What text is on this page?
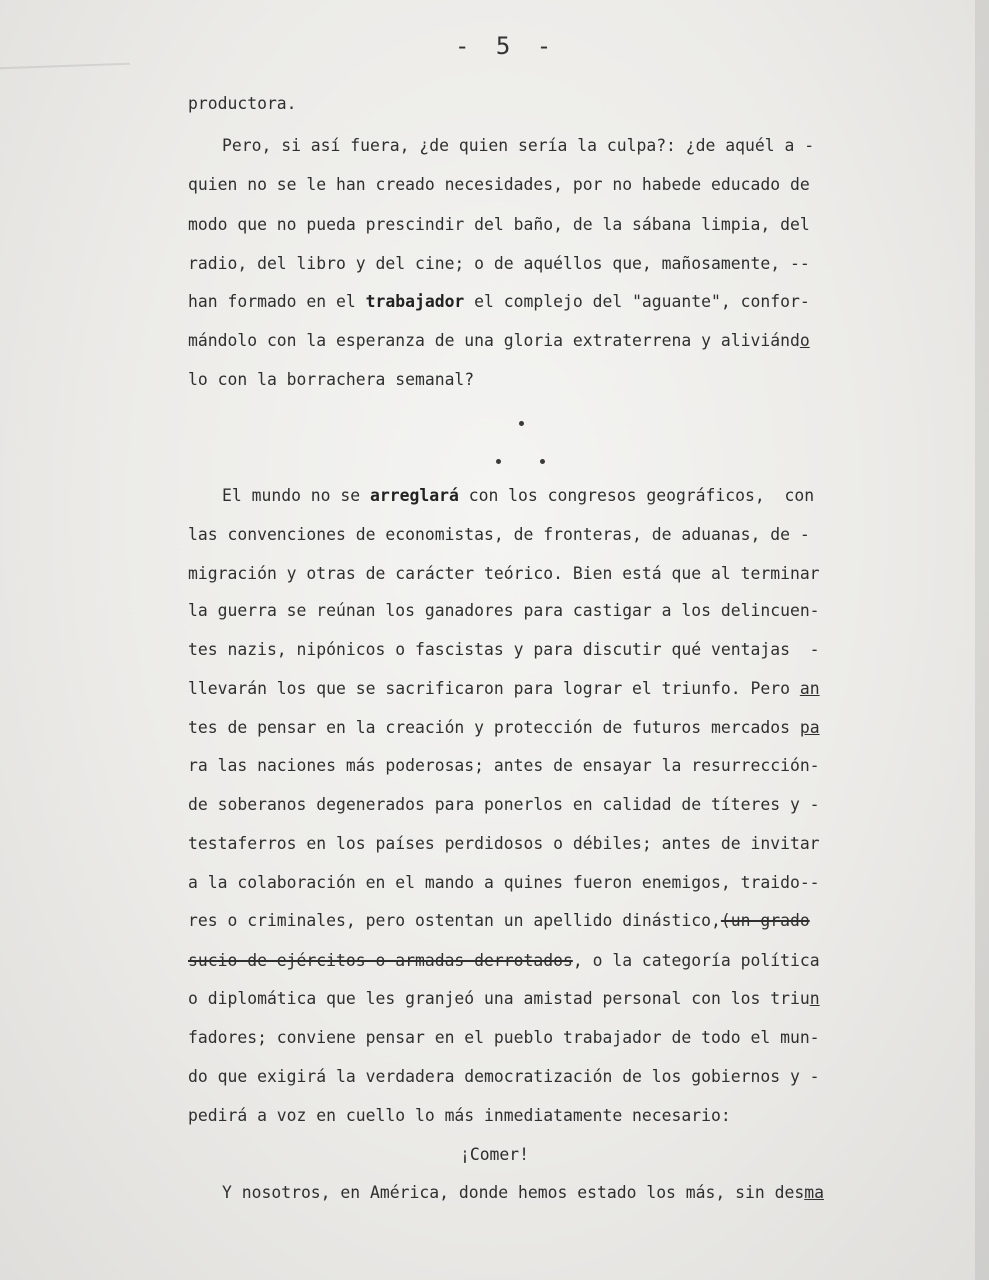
- 5 -

productora.

Pero, si así fuera, ¿de quien sería la culpa?: ¿de aquél a -

quien no se le han creado necesidades, por no habede educado de

modo que no pueda prescindir del baño, de la sábana limpia, del

radio, del libro y del cine; o de aquéllos que, mañosamente, --

han formado en el trabajador el complejo del "aguante", confor-

mándolo con la esperanza de una gloria extraterrena y aliviándo

lo con la borrachera semanal?

El mundo no se arreglará con los congresos geográficos,  con

las convenciones de economistas, de fronteras, de aduanas, de -

migración y otras de carácter teórico. Bien está que al terminar

la guerra se reúnan los ganadores para castigar a los delincuen-

tes nazis, nipónicos o fascistas y para discutir qué ventajas  -

llevarán los que se sacrificaron para lograr el triunfo. Pero an

tes de pensar en la creación y protección de futuros mercados pa

ra las naciones más poderosas; antes de ensayar la resurrección-

de soberanos degenerados para ponerlos en calidad de títeres y -

testaferros en los países perdidosos o débiles; antes de invitar

a la colaboración en el mando a quines fueron enemigos, traido--

res o criminales, pero ostentan un apellido dinástico,(un grado

sucio de ejércitos o armadas derrotados, o la categoría política

o diplomática que les granjeó una amistad personal con los triun

fadores; conviene pensar en el pueblo trabajador de todo el mun-

do que exigirá la verdadera democratización de los gobiernos y -

pedirá a voz en cuello lo más inmediatamente necesario:

¡Comer!

Y nosotros, en América, donde hemos estado los más, sin desma
